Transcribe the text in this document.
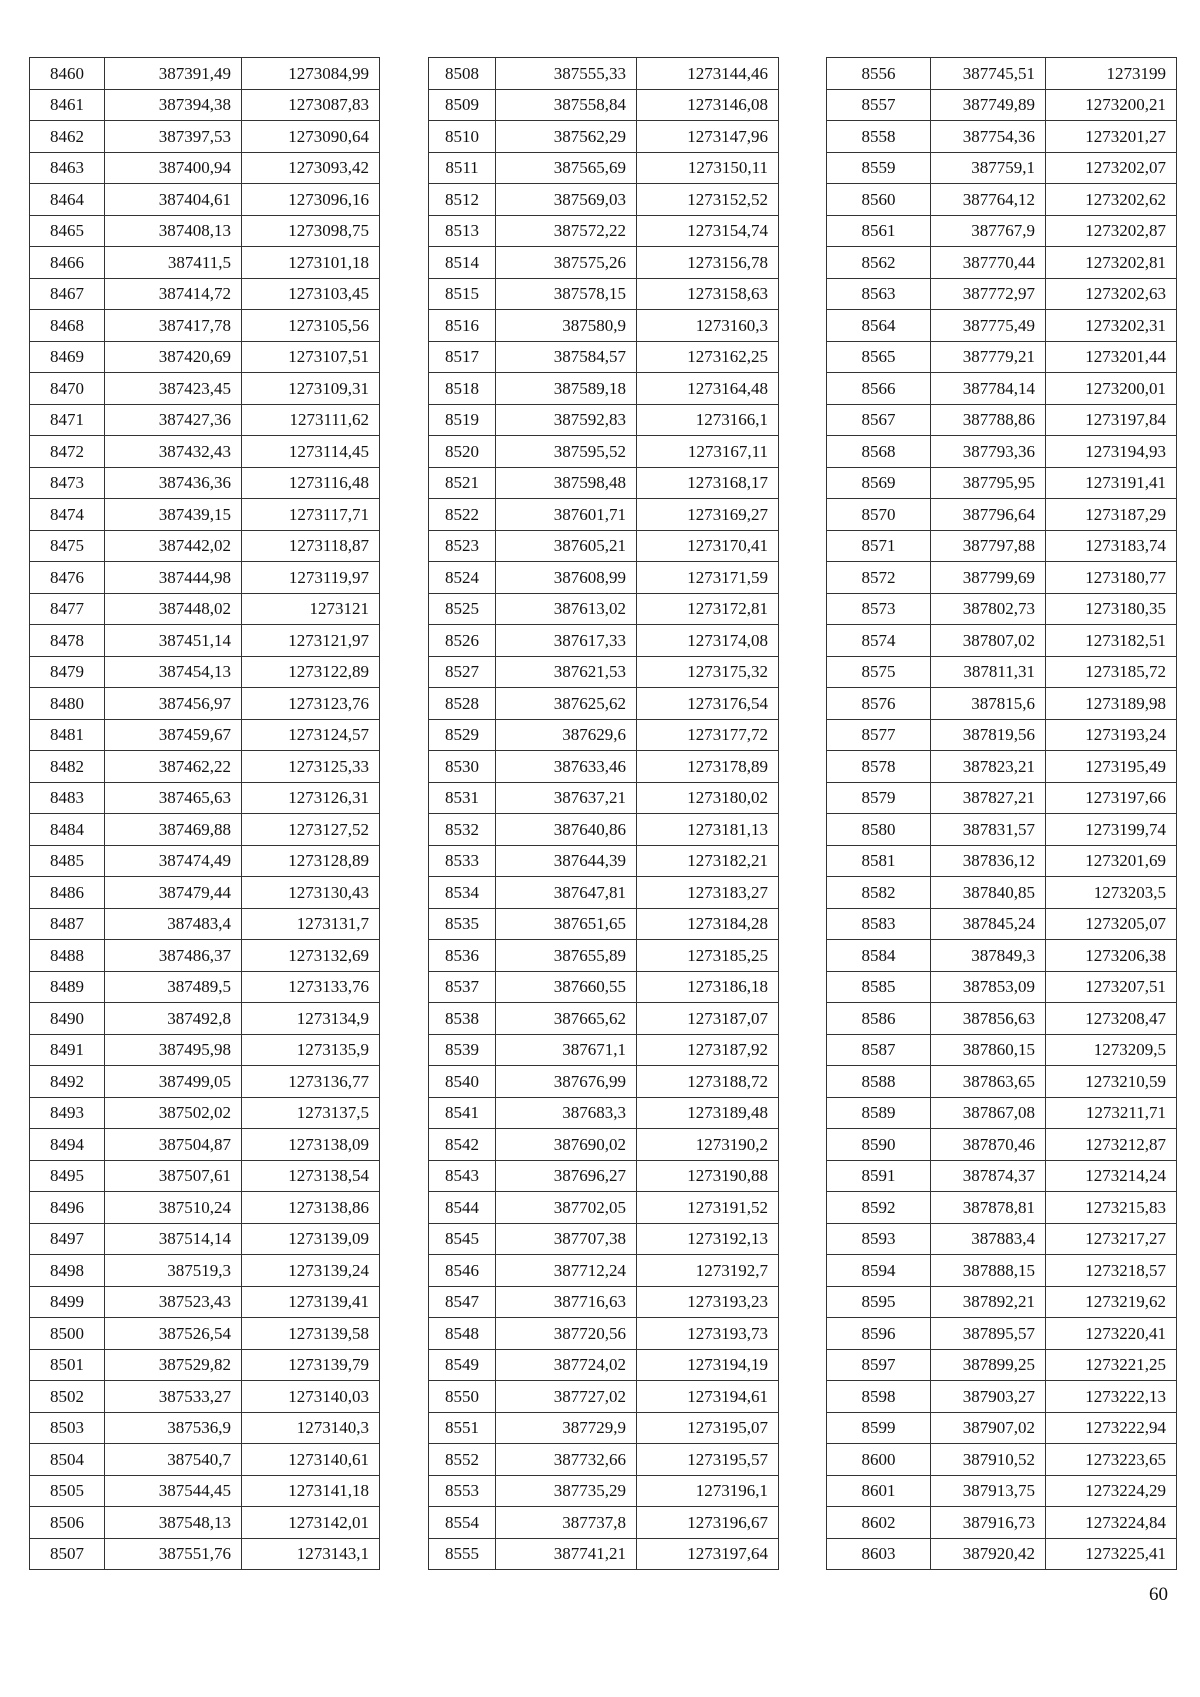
8460	387391,49	1273084,99
8461	387394,38	1273087,83
8462	387397,53	1273090,64
8463	387400,94	1273093,42
8464	387404,61	1273096,16
8465	387408,13	1273098,75
8466	387411,5	1273101,18
8467	387414,72	1273103,45
8468	387417,78	1273105,56
8469	387420,69	1273107,51
8470	387423,45	1273109,31
8471	387427,36	1273111,62
8472	387432,43	1273114,45
8473	387436,36	1273116,48
8474	387439,15	1273117,71
8475	387442,02	1273118,87
8476	387444,98	1273119,97
8477	387448,02	1273121
8478	387451,14	1273121,97
8479	387454,13	1273122,89
8480	387456,97	1273123,76
8481	387459,67	1273124,57
8482	387462,22	1273125,33
8483	387465,63	1273126,31
8484	387469,88	1273127,52
8485	387474,49	1273128,89
8486	387479,44	1273130,43
8487	387483,4	1273131,7
8488	387486,37	1273132,69
8489	387489,5	1273133,76
8490	387492,8	1273134,9
8491	387495,98	1273135,9
8492	387499,05	1273136,77
8493	387502,02	1273137,5
8494	387504,87	1273138,09
8495	387507,61	1273138,54
8496	387510,24	1273138,86
8497	387514,14	1273139,09
8498	387519,3	1273139,24
8499	387523,43	1273139,41
8500	387526,54	1273139,58
8501	387529,82	1273139,79
8502	387533,27	1273140,03
8503	387536,9	1273140,3
8504	387540,7	1273140,61
8505	387544,45	1273141,18
8506	387548,13	1273142,01
8507	387551,76	1273143,1
8508	387555,33	1273144,46
8509	387558,84	1273146,08
8510	387562,29	1273147,96
8511	387565,69	1273150,11
8512	387569,03	1273152,52
8513	387572,22	1273154,74
8514	387575,26	1273156,78
8515	387578,15	1273158,63
8516	387580,9	1273160,3
8517	387584,57	1273162,25
8518	387589,18	1273164,48
8519	387592,83	1273166,1
8520	387595,52	1273167,11
8521	387598,48	1273168,17
8522	387601,71	1273169,27
8523	387605,21	1273170,41
8524	387608,99	1273171,59
8525	387613,02	1273172,81
8526	387617,33	1273174,08
8527	387621,53	1273175,32
8528	387625,62	1273176,54
8529	387629,6	1273177,72
8530	387633,46	1273178,89
8531	387637,21	1273180,02
8532	387640,86	1273181,13
8533	387644,39	1273182,21
8534	387647,81	1273183,27
8535	387651,65	1273184,28
8536	387655,89	1273185,25
8537	387660,55	1273186,18
8538	387665,62	1273187,07
8539	387671,1	1273187,92
8540	387676,99	1273188,72
8541	387683,3	1273189,48
8542	387690,02	1273190,2
8543	387696,27	1273190,88
8544	387702,05	1273191,52
8545	387707,38	1273192,13
8546	387712,24	1273192,7
8547	387716,63	1273193,23
8548	387720,56	1273193,73
8549	387724,02	1273194,19
8550	387727,02	1273194,61
8551	387729,9	1273195,07
8552	387732,66	1273195,57
8553	387735,29	1273196,1
8554	387737,8	1273196,67
8555	387741,21	1273197,64
8556	387745,51	1273199
8557	387749,89	1273200,21
8558	387754,36	1273201,27
8559	387759,1	1273202,07
8560	387764,12	1273202,62
8561	387767,9	1273202,87
8562	387770,44	1273202,81
8563	387772,97	1273202,63
8564	387775,49	1273202,31
8565	387779,21	1273201,44
8566	387784,14	1273200,01
8567	387788,86	1273197,84
8568	387793,36	1273194,93
8569	387795,95	1273191,41
8570	387796,64	1273187,29
8571	387797,88	1273183,74
8572	387799,69	1273180,77
8573	387802,73	1273180,35
8574	387807,02	1273182,51
8575	387811,31	1273185,72
8576	387815,6	1273189,98
8577	387819,56	1273193,24
8578	387823,21	1273195,49
8579	387827,21	1273197,66
8580	387831,57	1273199,74
8581	387836,12	1273201,69
8582	387840,85	1273203,5
8583	387845,24	1273205,07
8584	387849,3	1273206,38
8585	387853,09	1273207,51
8586	387856,63	1273208,47
8587	387860,15	1273209,5
8588	387863,65	1273210,59
8589	387867,08	1273211,71
8590	387870,46	1273212,87
8591	387874,37	1273214,24
8592	387878,81	1273215,83
8593	387883,4	1273217,27
8594	387888,15	1273218,57
8595	387892,21	1273219,62
8596	387895,57	1273220,41
8597	387899,25	1273221,25
8598	387903,27	1273222,13
8599	387907,02	1273222,94
8600	387910,52	1273223,65
8601	387913,75	1273224,29
8602	387916,73	1273224,84
8603	387920,42	1273225,41
60
